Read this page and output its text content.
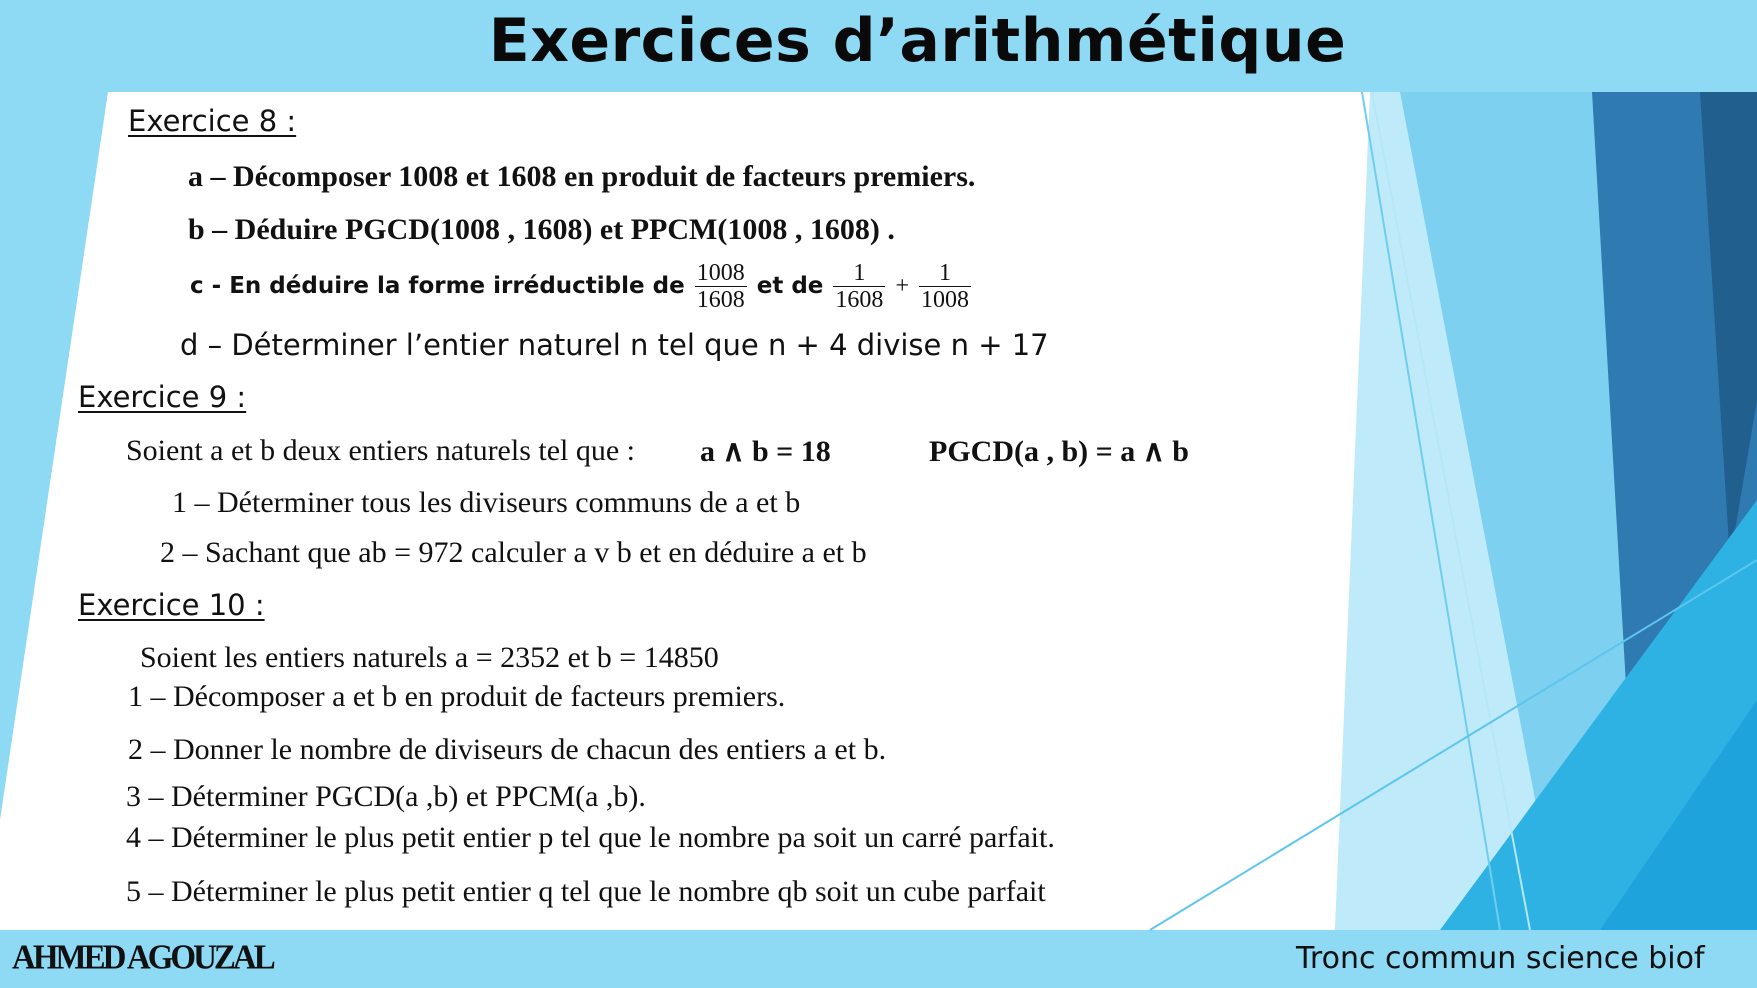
Exercices d’arithmétique
Exercice 8 :
a – Décomposer 1008 et 1608 en produit de facteurs premiers.
b – Déduire PGCD(1008 , 1608) et PPCM(1008 , 1608) .
c - En déduire la forme irréductible de $\frac{1008}{1608}$ et de $\frac{1}{1608} + \frac{1}{1008}$
d – Déterminer l’entier naturel n tel que n + 4 divise n + 17
Exercice 9 :
Soient a et b deux entiers naturels tel que : a ∧ b = 18	PGCD(a , b) = a ∧ b
1 – Déterminer tous les diviseurs communs de a et b
2 – Sachant que ab = 972 calculer a v b et en déduire a et b
Exercice 10 :
Soient les entiers naturels a = 2352 et b = 14850
1 – Décomposer a et b en produit de facteurs premiers.
2 – Donner le nombre de diviseurs de chacun des entiers a et b.
3 – Déterminer PGCD(a ,b) et PPCM(a ,b).
4 – Déterminer le plus petit entier p tel que le nombre pa soit un carré parfait.
5 – Déterminer le plus petit entier q tel que le nombre qb soit un cube parfait
AHMED AGOUZAL	Tronc commun science biof
